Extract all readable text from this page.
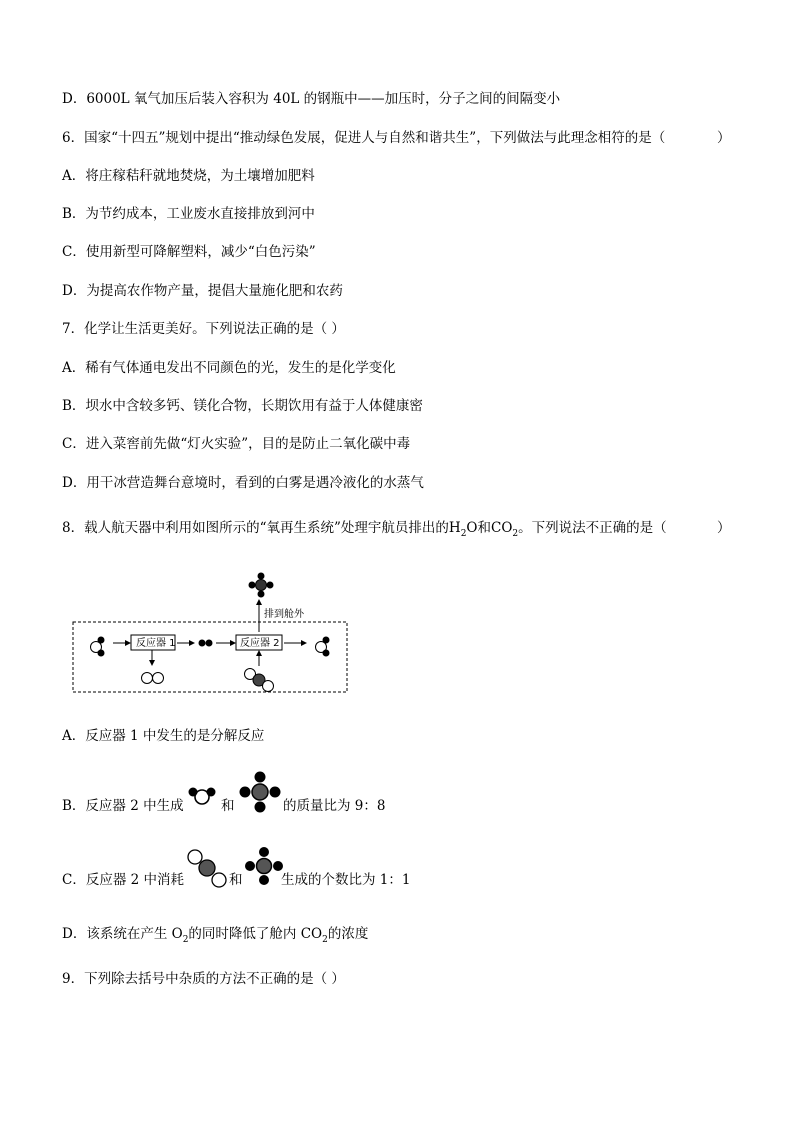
D．6000L 氧气加压后装入容积为 40L 的钢瓶中——加压时，分子之间的间隔变小
6．国家“十四五”规划中提出“推动绿色发展，促进人与自然和谐共生”，下列做法与此理念相符的是（	）
A．将庄稼秸秆就地焚烧，为土壤增加肥料
B．为节约成本，工业废水直接排放到河中
C．使用新型可降解塑料，减少“白色污染”
D．为提高农作物产量，提倡大量施化肥和农药
7．化学让生活更美好。下列说法正确的是（ ）
A．稀有气体通电发出不同颜色的光，发生的是化学变化
B．坝水中含较多钙、镁化合物，长期饮用有益于人体健康密
C．进入菜窖前先做“灯火实验”，目的是防止二氧化碳中毒
D．用干冰营造舞台意境时，看到的白雾是遇冷液化的水蒸气
8．载人航天器中利用如图所示的“氧再生系统”处理宇航员排出的$H_2O$和$CO_2$。下列说法不正确的是（	）
排到舱外
反应器 1	反应器 2
A．反应器 1 中发生的是分解反应
B．反应器 2 中生成	和	的质量比为 9：8
C．反应器 2 中消耗	和	生成的个数比为 1：1
D．该系统在产生 $O_2$的同时降低了舱内 $CO_2$的浓度
9．下列除去括号中杂质的方法不正确的是（ ）
